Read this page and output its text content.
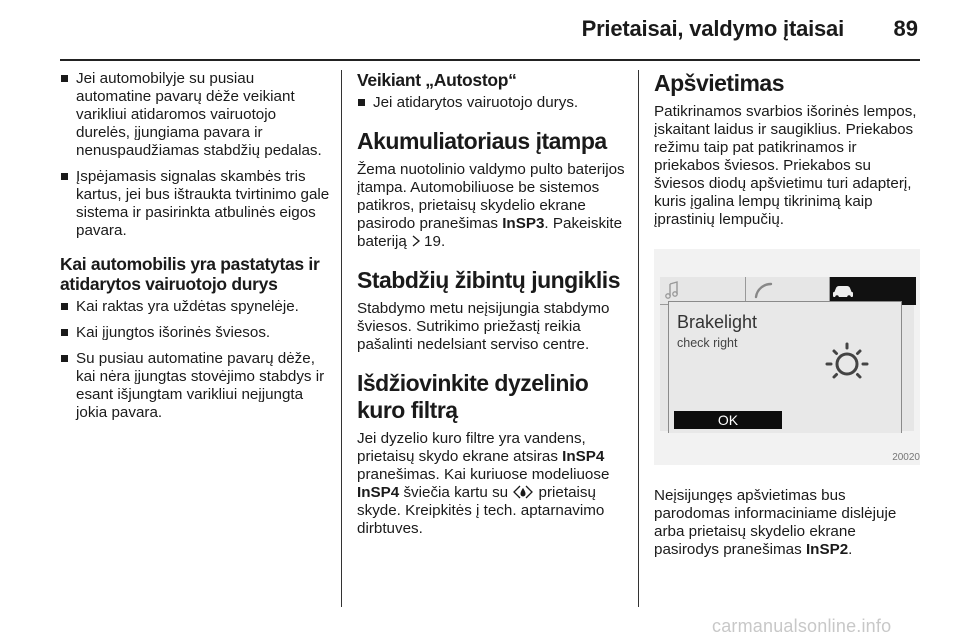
Prietaisai, valdymo įtaisai 89
Jei automobilyje su pusiau automatine pavarų dėže veikiant varikliui atidaromos vairuotojo durelės, įjungiama pavara ir nenuspaudžiamas stabdžių pedalas.
Įspėjamasis signalas skambės tris kartus, jei bus ištraukta tvirtinimo gale sistema ir pasirinkta atbulinės eigos pavara.
Kai automobilis yra pastatytas ir atidarytos vairuotojo durys
Kai raktas yra uždėtas spynelėje.
Kai įjungtos išorinės šviesos.
Su pusiau automatine pavarų dėže, kai nėra įjungtas stovėjimo stabdys ir esant išjungtam varikliui neįjungta jokia pavara.
Veikiant „Autostop“
Jei atidarytos vairuotojo durys.
Akumuliatoriaus įtampa

Žema nuotolinio valdymo pulto baterijos įtampa. Automobiliuose be sistemos patikros, prietaisų skydelio ekrane pasirodo pranešimas InSP3. Pakeiskite bateriją 19.

Stabdžių žibintų jungiklis

Stabdymo metu neįsijungia stabdymo šviesos. Sutrikimo priežastį reikia pašalinti nedelsiant serviso centre.

Išdžiovinkite dyzelinio kuro filtrą

Jei dyzelio kuro filtre yra vandens, prietaisų skydo ekrane atsiras InSP4 pranešimas. Kai kuriuose modeliuose InSP4 šviečia kartu su  prietaisų skyde. Kreipkitės į tech. aptarnavimo dirbtuves.

Apšvietimas

Patikrinamos svarbios išorinės lempos, įskaitant laidus ir saugiklius. Priekabos režimu taip pat patikrinamos ir priekabos šviesos. Priekabos su šviesos diodų apšvietimu turi adapterį, kuris įgalina lempų tikrinimą kaip įprastinių lempučių.

Brakelight
check right
OK
20020

Neįsijungęs apšvietimas bus parodomas informaciniame dislėjuje arba prietaisų skydelio ekrane pasirodys pranešimas InSP2.

carmanualsonline.info
